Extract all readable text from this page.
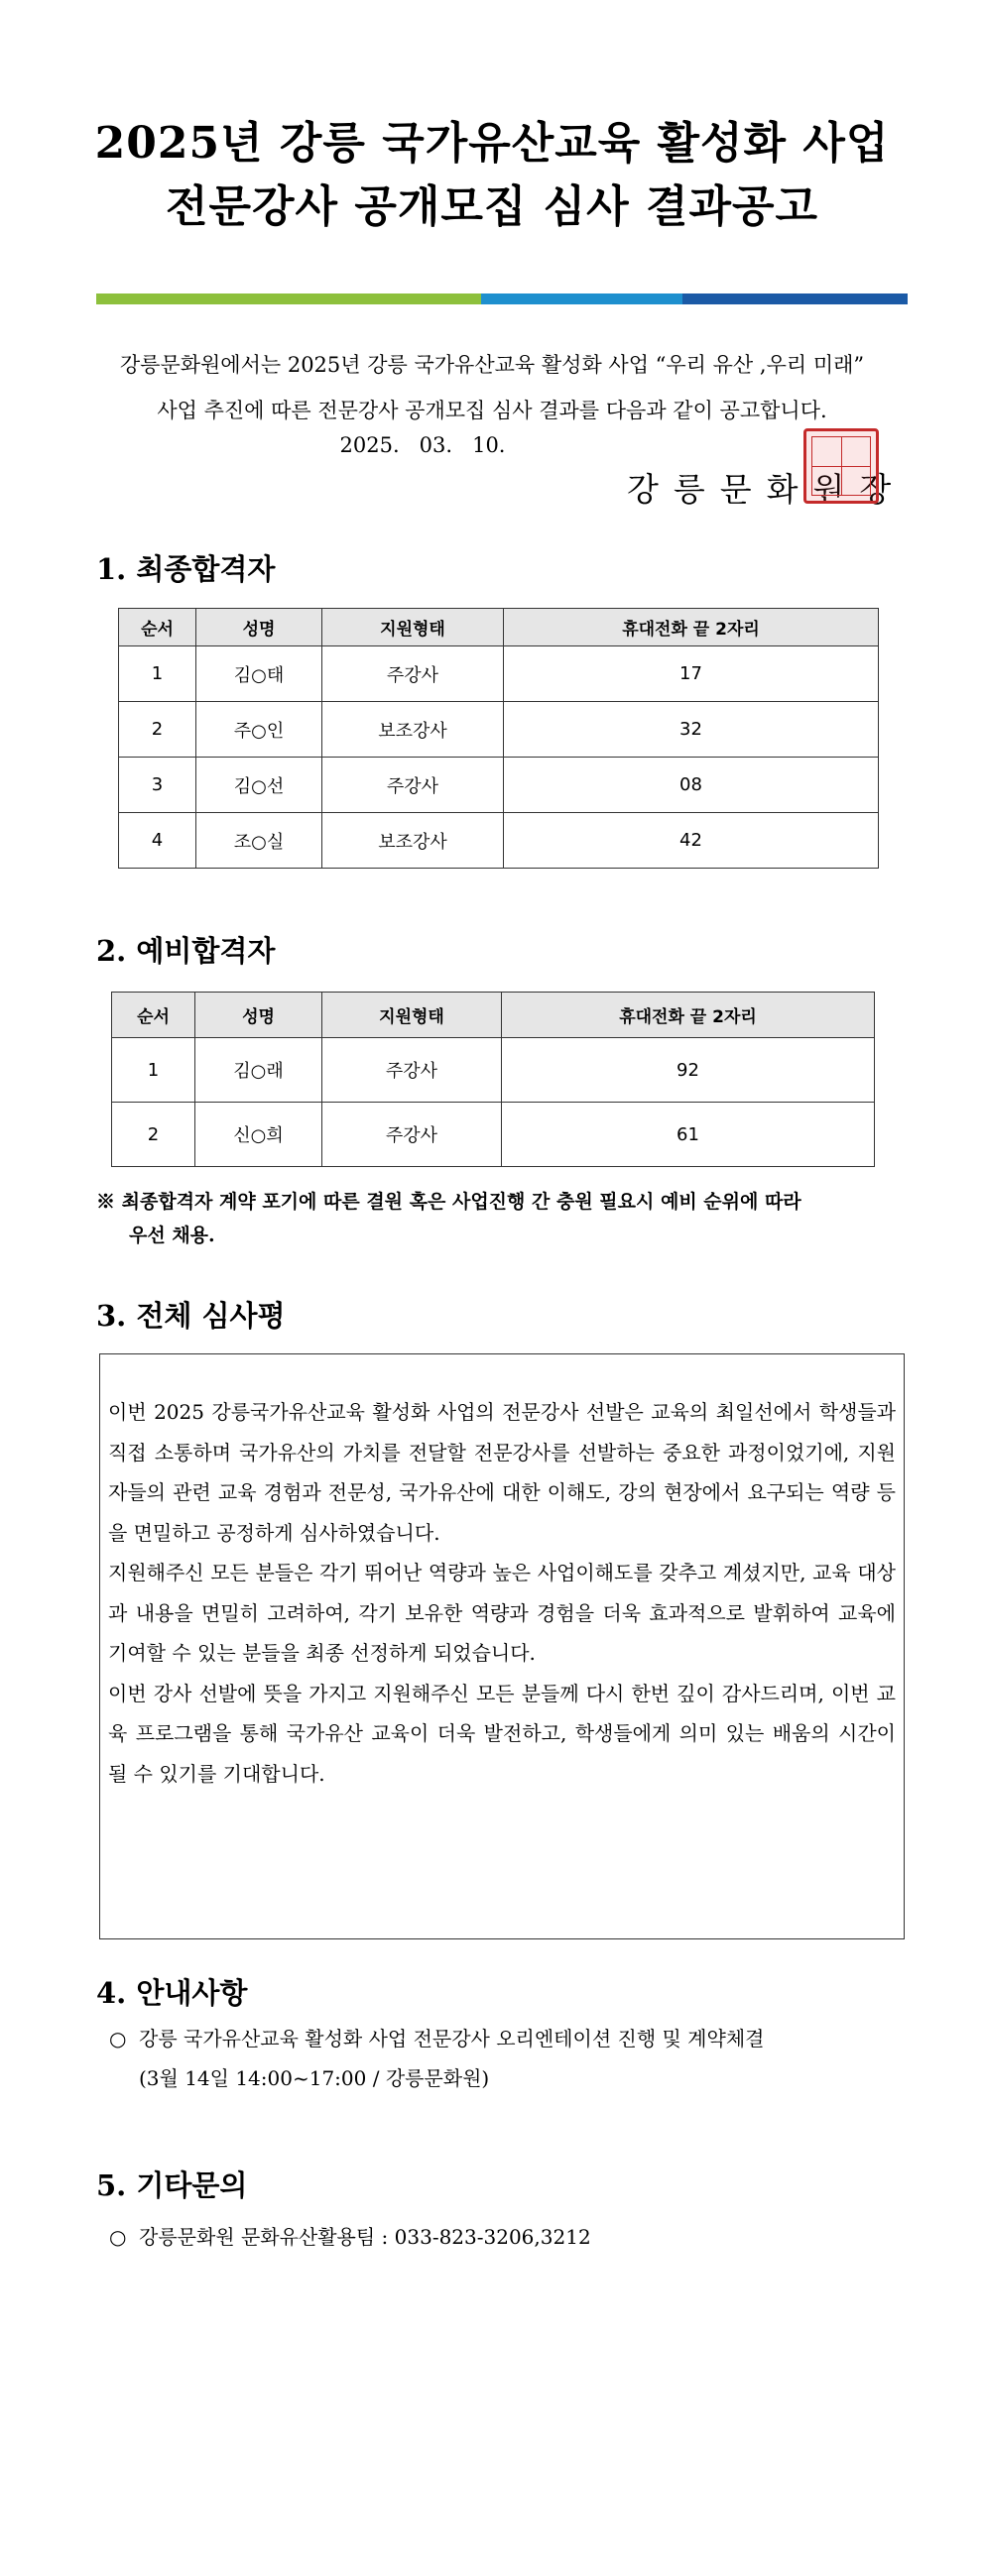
2025년 강릉 국가유산교육 활성화 사업
전문강사 공개모집 심사 결과공고
강릉문화원에서는 2025년 강릉 국가유산교육 활성화 사업 “우리 유산 ,우리 미래”
사업 추진에 따른 전문강사 공개모집 심사 결과를 다음과 같이 공고합니다.
2025.   03.   10.
강릉문화원장
1. 최종합격자
순서	성명	지원형태	휴대전화 끝 2자리
1	김○태	주강사	17
2	주○인	보조강사	32
3	김○선	주강사	08
4	조○실	보조강사	42
2. 예비합격자
순서	성명	지원형태	휴대전화 끝 2자리
1	김○래	주강사	92
2	신○희	주강사	61
※ 최종합격자 계약 포기에 따른 결원 혹은 사업진행 간 충원 필요시 예비 순위에 따라
우선 채용.
3. 전체 심사평

이번 2025 강릉국가유산교육 활성화 사업의 전문강사 선발은 교육의 최일선에서 학생들과 직접 소통하며 국가유산의 가치를 전달할 전문강사를 선발하는 중요한 과정이었기에, 지원자들의 관련 교육 경험과 전문성, 국가유산에 대한 이해도, 강의 현장에서 요구되는 역량 등을 면밀하고 공정하게 심사하였습니다.

지원해주신 모든 분들은 각기 뛰어난 역량과 높은 사업이해도를 갖추고 계셨지만, 교육 대상과 내용을 면밀히 고려하여, 각기 보유한 역량과 경험을 더욱 효과적으로 발휘하여 교육에 기여할 수 있는 분들을 최종 선정하게 되었습니다.

이번 강사 선발에 뜻을 가지고 지원해주신 모든 분들께 다시 한번 깊이 감사드리며, 이번 교육 프로그램을 통해 국가유산 교육이 더욱 발전하고, 학생들에게 의미 있는 배움의 시간이 될 수 있기를 기대합니다.

4. 안내사항
○ 강릉 국가유산교육 활성화 사업 전문강사 오리엔테이션 진행 및 계약체결
(3월 14일 14:00~17:00 / 강릉문화원)
5. 기타문의
○ 강릉문화원 문화유산활용팀 : 033-823-3206,3212
